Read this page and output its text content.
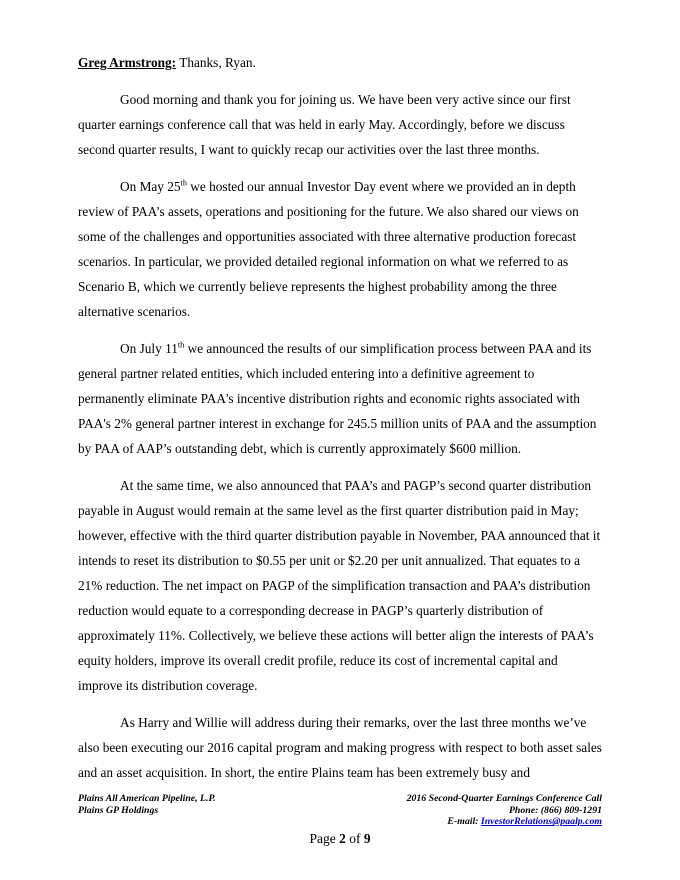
Greg Armstrong: Thanks, Ryan.

Good morning and thank you for joining us. We have been very active since our first quarter earnings conference call that was held in early May. Accordingly, before we discuss second quarter results, I want to quickly recap our activities over the last three months.

On May 25th we hosted our annual Investor Day event where we provided an in depth review of PAA’s assets, operations and positioning for the future. We also shared our views on some of the challenges and opportunities associated with three alternative production forecast scenarios. In particular, we provided detailed regional information on what we referred to as Scenario B, which we currently believe represents the highest probability among the three alternative scenarios.

On July 11th we announced the results of our simplification process between PAA and its general partner related entities, which included entering into a definitive agreement to permanently eliminate PAA's incentive distribution rights and economic rights associated with PAA's 2% general partner interest in exchange for 245.5 million units of PAA and the assumption by PAA of AAP’s outstanding debt, which is currently approximately $600 million.

At the same time, we also announced that PAA’s and PAGP’s second quarter distribution payable in August would remain at the same level as the first quarter distribution paid in May; however, effective with the third quarter distribution payable in November, PAA announced that it intends to reset its distribution to $0.55 per unit or $2.20 per unit annualized. That equates to a 21% reduction. The net impact on PAGP of the simplification transaction and PAA’s distribution reduction would equate to a corresponding decrease in PAGP’s quarterly distribution of approximately 11%. Collectively, we believe these actions will better align the interests of PAA’s equity holders, improve its overall credit profile, reduce its cost of incremental capital and improve its distribution coverage.

As Harry and Willie will address during their remarks, over the last three months we’ve also been executing our 2016 capital program and making progress with respect to both asset sales and an asset acquisition. In short, the entire Plains team has been extremely busy and

Plains All American Pipeline, L.P.
Plains GP Holdings
2016 Second-Quarter Earnings Conference Call
Phone: (866) 809-1291
E-mail: InvestorRelations@paalp.com
Page 2 of 9
